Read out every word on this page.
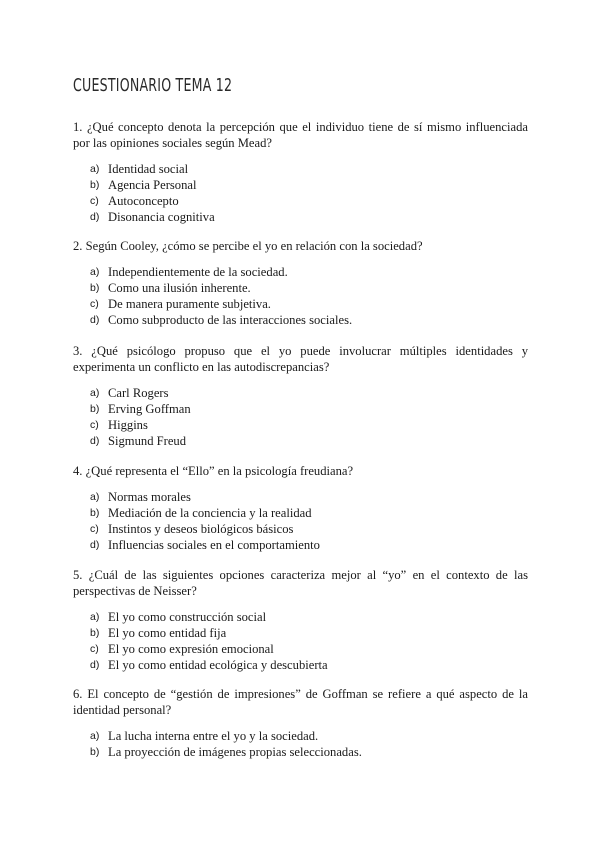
CUESTIONARIO TEMA 12

1. ¿Qué concepto denota la percepción que el individuo tiene de sí mismo influenciada por las opiniones sociales según Mead?

a) Identidad social
b) Agencia Personal
c) Autoconcepto
d) Disonancia cognitiva

2. Según Cooley, ¿cómo se percibe el yo en relación con la sociedad?

a) Independientemente de la sociedad.
b) Como una ilusión inherente.
c) De manera puramente subjetiva.
d) Como subproducto de las interacciones sociales.

3. ¿Qué psicólogo propuso que el yo puede involucrar múltiples identidades y experimenta un conflicto en las autodiscrepancias?

a) Carl Rogers
b) Erving Goffman
c) Higgins
d) Sigmund Freud

4. ¿Qué representa el “Ello” en la psicología freudiana?

a) Normas morales
b) Mediación de la conciencia y la realidad
c) Instintos y deseos biológicos básicos
d) Influencias sociales en el comportamiento

5. ¿Cuál de las siguientes opciones caracteriza mejor al “yo” en el contexto de las perspectivas de Neisser?

a) El yo como construcción social
b) El yo como entidad fija
c) El yo como expresión emocional
d) El yo como entidad ecológica y descubierta

6. El concepto de “gestión de impresiones” de Goffman se refiere a qué aspecto de la identidad personal?

a) La lucha interna entre el yo y la sociedad.
b) La proyección de imágenes propias seleccionadas.
